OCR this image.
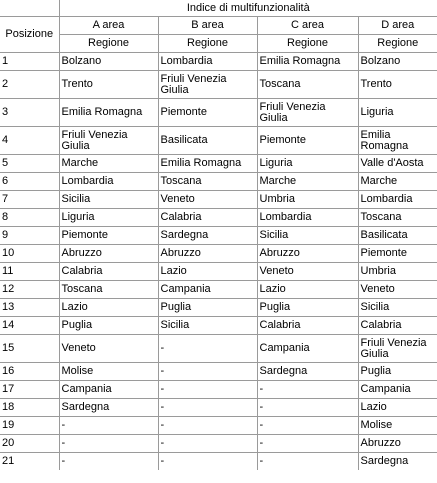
	Indice di multifunzionalità			
Posizione	A area	B area	C area	D area
	Regione	Regione	Regione	Regione
1	Bolzano	Lombardia	Emilia Romagna	Bolzano
2	Trento	Friuli Venezia Giulia	Toscana	Trento
3	Emilia Romagna	Piemonte	Friuli Venezia Giulia	Liguria
4	Friuli Venezia Giulia	Basilicata	Piemonte	Emilia Romagna
5	Marche	Emilia Romagna	Liguria	Valle d'Aosta
6	Lombardia	Toscana	Marche	Marche
7	Sicilia	Veneto	Umbria	Lombardia
8	Liguria	Calabria	Lombardia	Toscana
9	Piemonte	Sardegna	Sicilia	Basilicata
10	Abruzzo	Abruzzo	Abruzzo	Piemonte
11	Calabria	Lazio	Veneto	Umbria
12	Toscana	Campania	Lazio	Veneto
13	Lazio	Puglia	Puglia	Sicilia
14	Puglia	Sicilia	Calabria	Calabria
15	Veneto	-	Campania	Friuli Venezia Giulia
16	Molise	-	Sardegna	Puglia
17	Campania	-	-	Campania
18	Sardegna	-	-	Lazio
19	-	-	-	Molise
20	-	-	-	Abruzzo
21	-	-	-	Sardegna
